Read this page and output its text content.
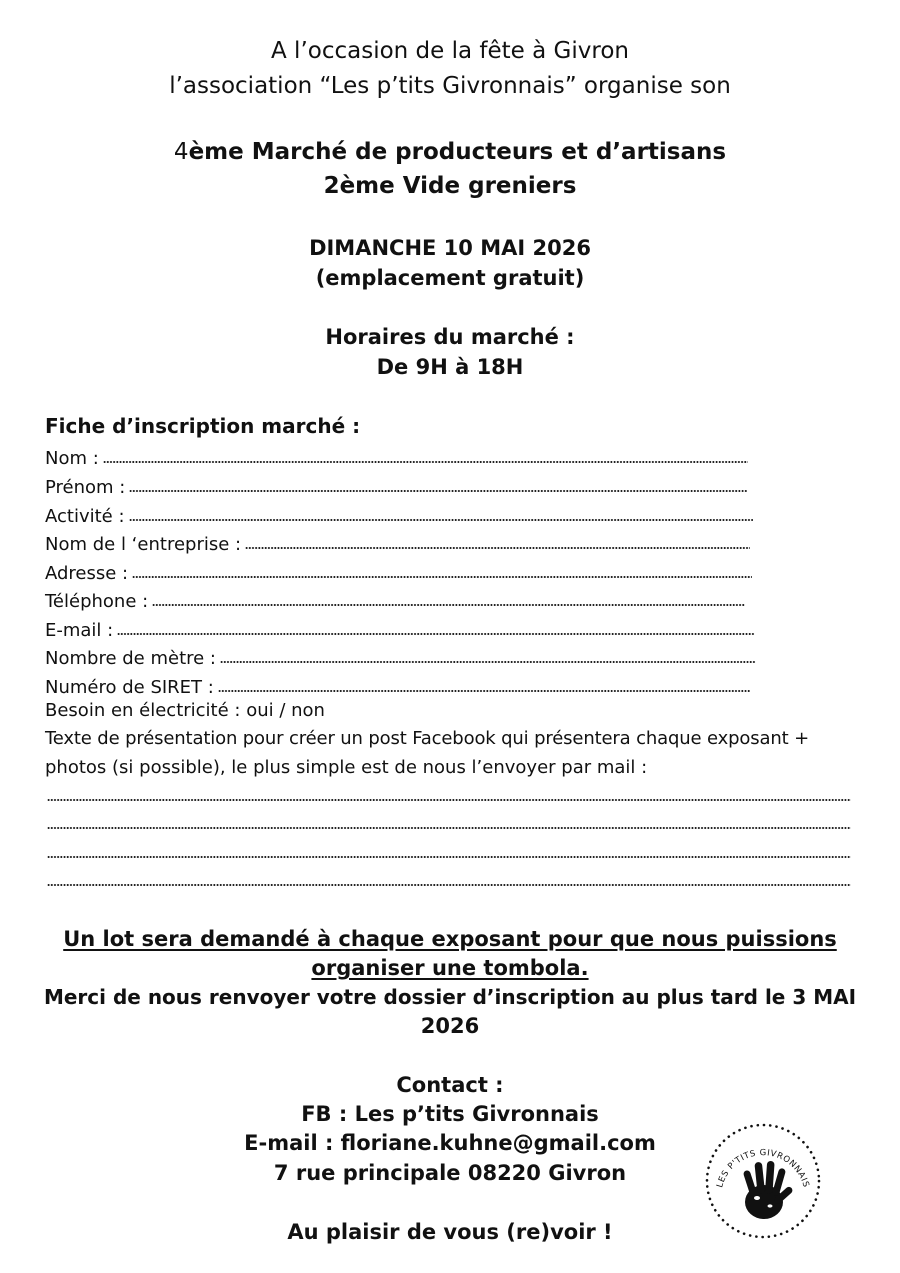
A l’occasion de la fête à Givron
l’association “Les p’tits Givronnais” organise son
4ème Marché de producteurs et d’artisans
2ème Vide greniers
DIMANCHE 10 MAI 2026
(emplacement gratuit)
Horaires du marché :
De 9H à 18H
Fiche d’inscription marché :
Nom :
Prénom :
Activité :
Nom de l ‘entreprise :
Adresse :
Téléphone :
E-mail :
Nombre de mètre :
Numéro de SIRET :
Besoin en électricité : oui / non
Texte de présentation pour créer un post Facebook qui présentera chaque exposant +
photos (si possible), le plus simple est de nous l’envoyer par mail :
Un lot sera demandé à chaque exposant pour que nous puissions
organiser une tombola.
Merci de nous renvoyer votre dossier d’inscription au plus tard le 3 MAI
2026
Contact :
FB : Les p’tits Givronnais
E-mail : floriane.kuhne@gmail.com
7 rue principale 08220 Givron
Au plaisir de vous (re)voir !
LES P'TITS GIVRONNAIS
